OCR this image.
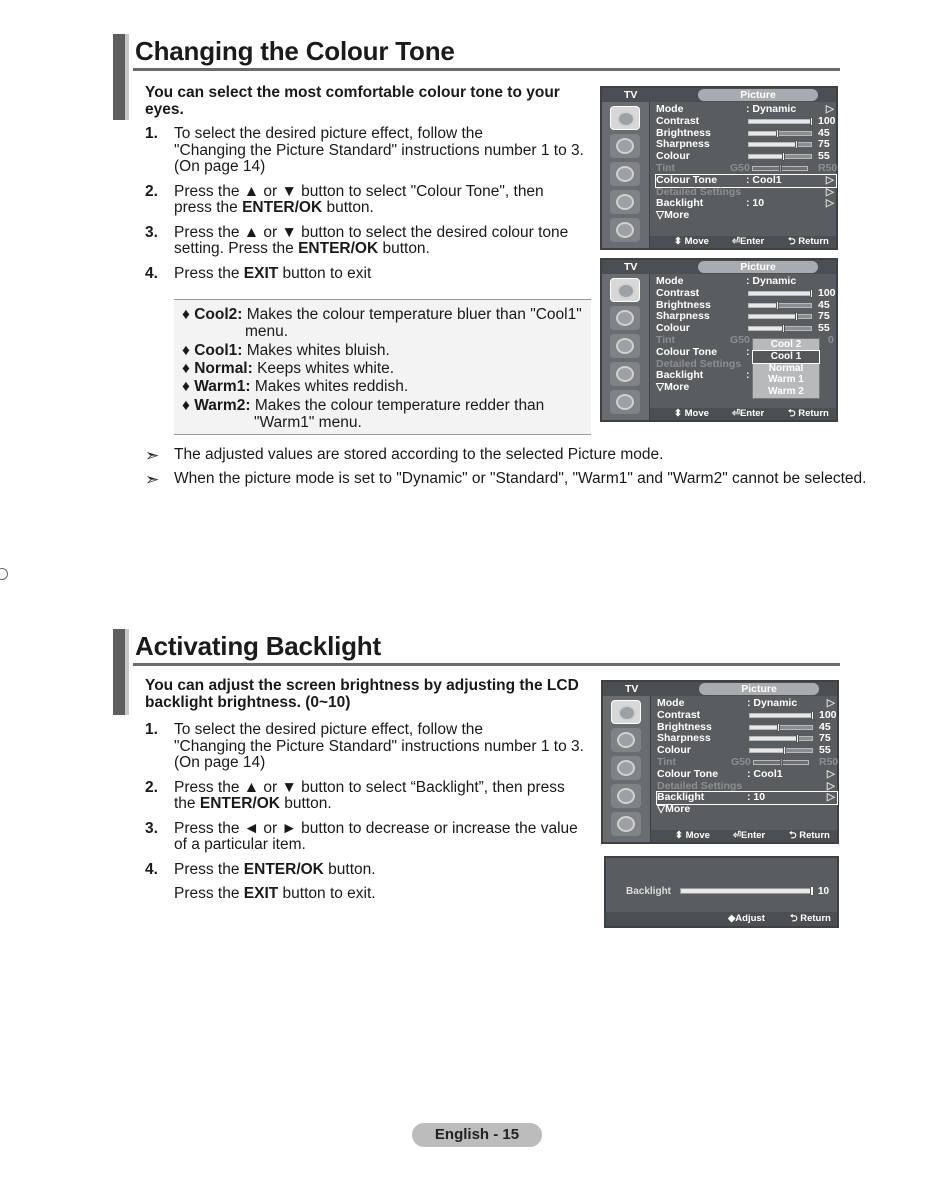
Changing the Colour Tone
You can select the most comfortable colour tone to your eyes.
1.	To select the desired picture effect, follow the

"Changing the Picture Standard" instructions number 1 to 3.

(On page 14)

2.	Press the ▲ or ▼ button to select "Colour Tone", then press the ENTER/OK button.
3.	Press the ▲ or ▼ button to select the desired colour tone setting. Press the ENTER/OK button.
4.	Press the EXIT button to exit
♦ Cool2: Makes the colour temperature bluer than "Cool1"
menu.
♦ Cool1: Makes whites bluish.
♦ Normal: Keeps whites white.
♦ Warm1: Makes whites reddish.
♦ Warm2: Makes the colour temperature redder than
"Warm1" menu.
➣ The adjusted values are stored according to the selected Picture mode.
➣ When the picture mode is set to "Dynamic" or "Standard", "Warm1" and "Warm2" cannot be selected.
TV	Picture
Mode	: Dynamic	▷
Contrast	100
Brightness	45
Sharpness	75
Colour	55
Tint	G50	R50
Colour Tone	: Cool1	▷
Detailed Settings	▷
Backlight	: 10	▷
▽More
⬍ Move ⏎Enter	⮌ Return
TV	Picture
Mode	: Dynamic
Contrast	100
Brightness	45
Sharpness	75
Colour	55
Tint	G50	0
Colour Tone	:
Detailed Settings
Backlight	:
▽More
Cool 2
Cool 1
Normal
Warm 1
Warm 2
⬍ Move ⏎Enter	⮌ Return
Activating Backlight
You can adjust the screen brightness by adjusting the LCD backlight brightness. (0~10)
1.	To select the desired picture effect, follow the

"Changing the Picture Standard" instructions number 1 to 3.

(On page 14)

2.	Press the ▲ or ▼ button to select “Backlight”, then press the ENTER/OK button.
3.	Press the ◄ or ► button to decrease or increase the value of a particular item.
4.	Press the ENTER/OK button.

Press the EXIT button to exit.

TV	Picture
Mode	: Dynamic	▷
Contrast	100
Brightness	45
Sharpness	75
Colour	55
Tint	G50	R50
Colour Tone	: Cool1	▷
Detailed Settings	▷
Backlight	: 10	▷
▽More
⬍ Move ⏎Enter	⮌ Return
Backlight	10
◆Adjust	⮌ Return
English - 15
